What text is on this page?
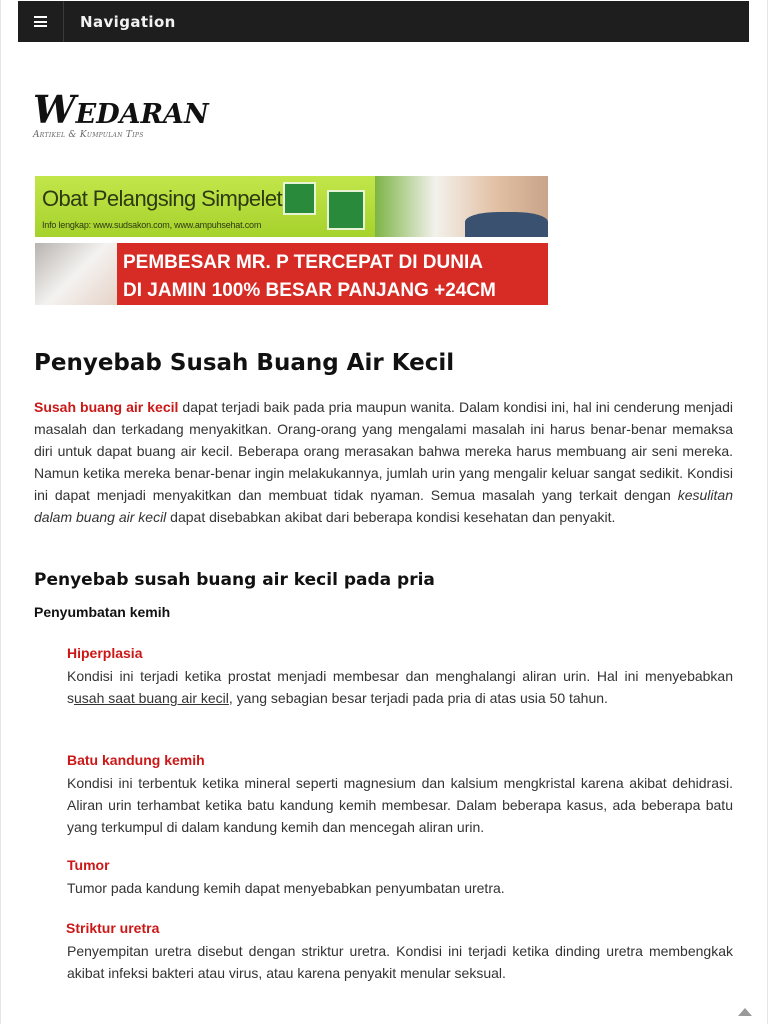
Navigation
Wedaran
Artikel & Kumpulan Tips
Obat Pelangsing Simpelet
Info lengkap: www.sudsakon.com, www.ampuhsehat.com
PEMBESAR MR. P TERCEPAT DI DUNIA
DI JAMIN 100% BESAR PANJANG +24CM
Penyebab Susah Buang Air Kecil
Susah buang air kecil dapat terjadi baik pada pria maupun wanita. Dalam kondisi ini, hal ini cenderung menjadi masalah dan terkadang menyakitkan. Orang-orang yang mengalami masalah ini harus benar-benar memaksa diri untuk dapat buang air kecil. Beberapa orang merasakan bahwa mereka harus membuang air seni mereka. Namun ketika mereka benar-benar ingin melakukannya, jumlah urin yang mengalir keluar sangat sedikit. Kondisi ini dapat menjadi menyakitkan dan membuat tidak nyaman. Semua masalah yang terkait dengan kesulitan dalam buang air kecil dapat disebabkan akibat dari beberapa kondisi kesehatan dan penyakit.
Penyebab susah buang air kecil pada pria
Penyumbatan kemih
Hiperplasia
Kondisi ini terjadi ketika prostat menjadi membesar dan menghalangi aliran urin. Hal ini menyebabkan susah saat buang air kecil, yang sebagian besar terjadi pada pria di atas usia 50 tahun.
Batu kandung kemih
Kondisi ini terbentuk ketika mineral seperti magnesium dan kalsium mengkristal karena akibat dehidrasi. Aliran urin terhambat ketika batu kandung kemih membesar. Dalam beberapa kasus, ada beberapa batu yang terkumpul di dalam kandung kemih dan mencegah aliran urin.
Tumor
Tumor pada kandung kemih dapat menyebabkan penyumbatan uretra.
Striktur uretra
Penyempitan uretra disebut dengan striktur uretra. Kondisi ini terjadi ketika dinding uretra membengkak akibat infeksi bakteri atau virus, atau karena penyakit menular seksual.
